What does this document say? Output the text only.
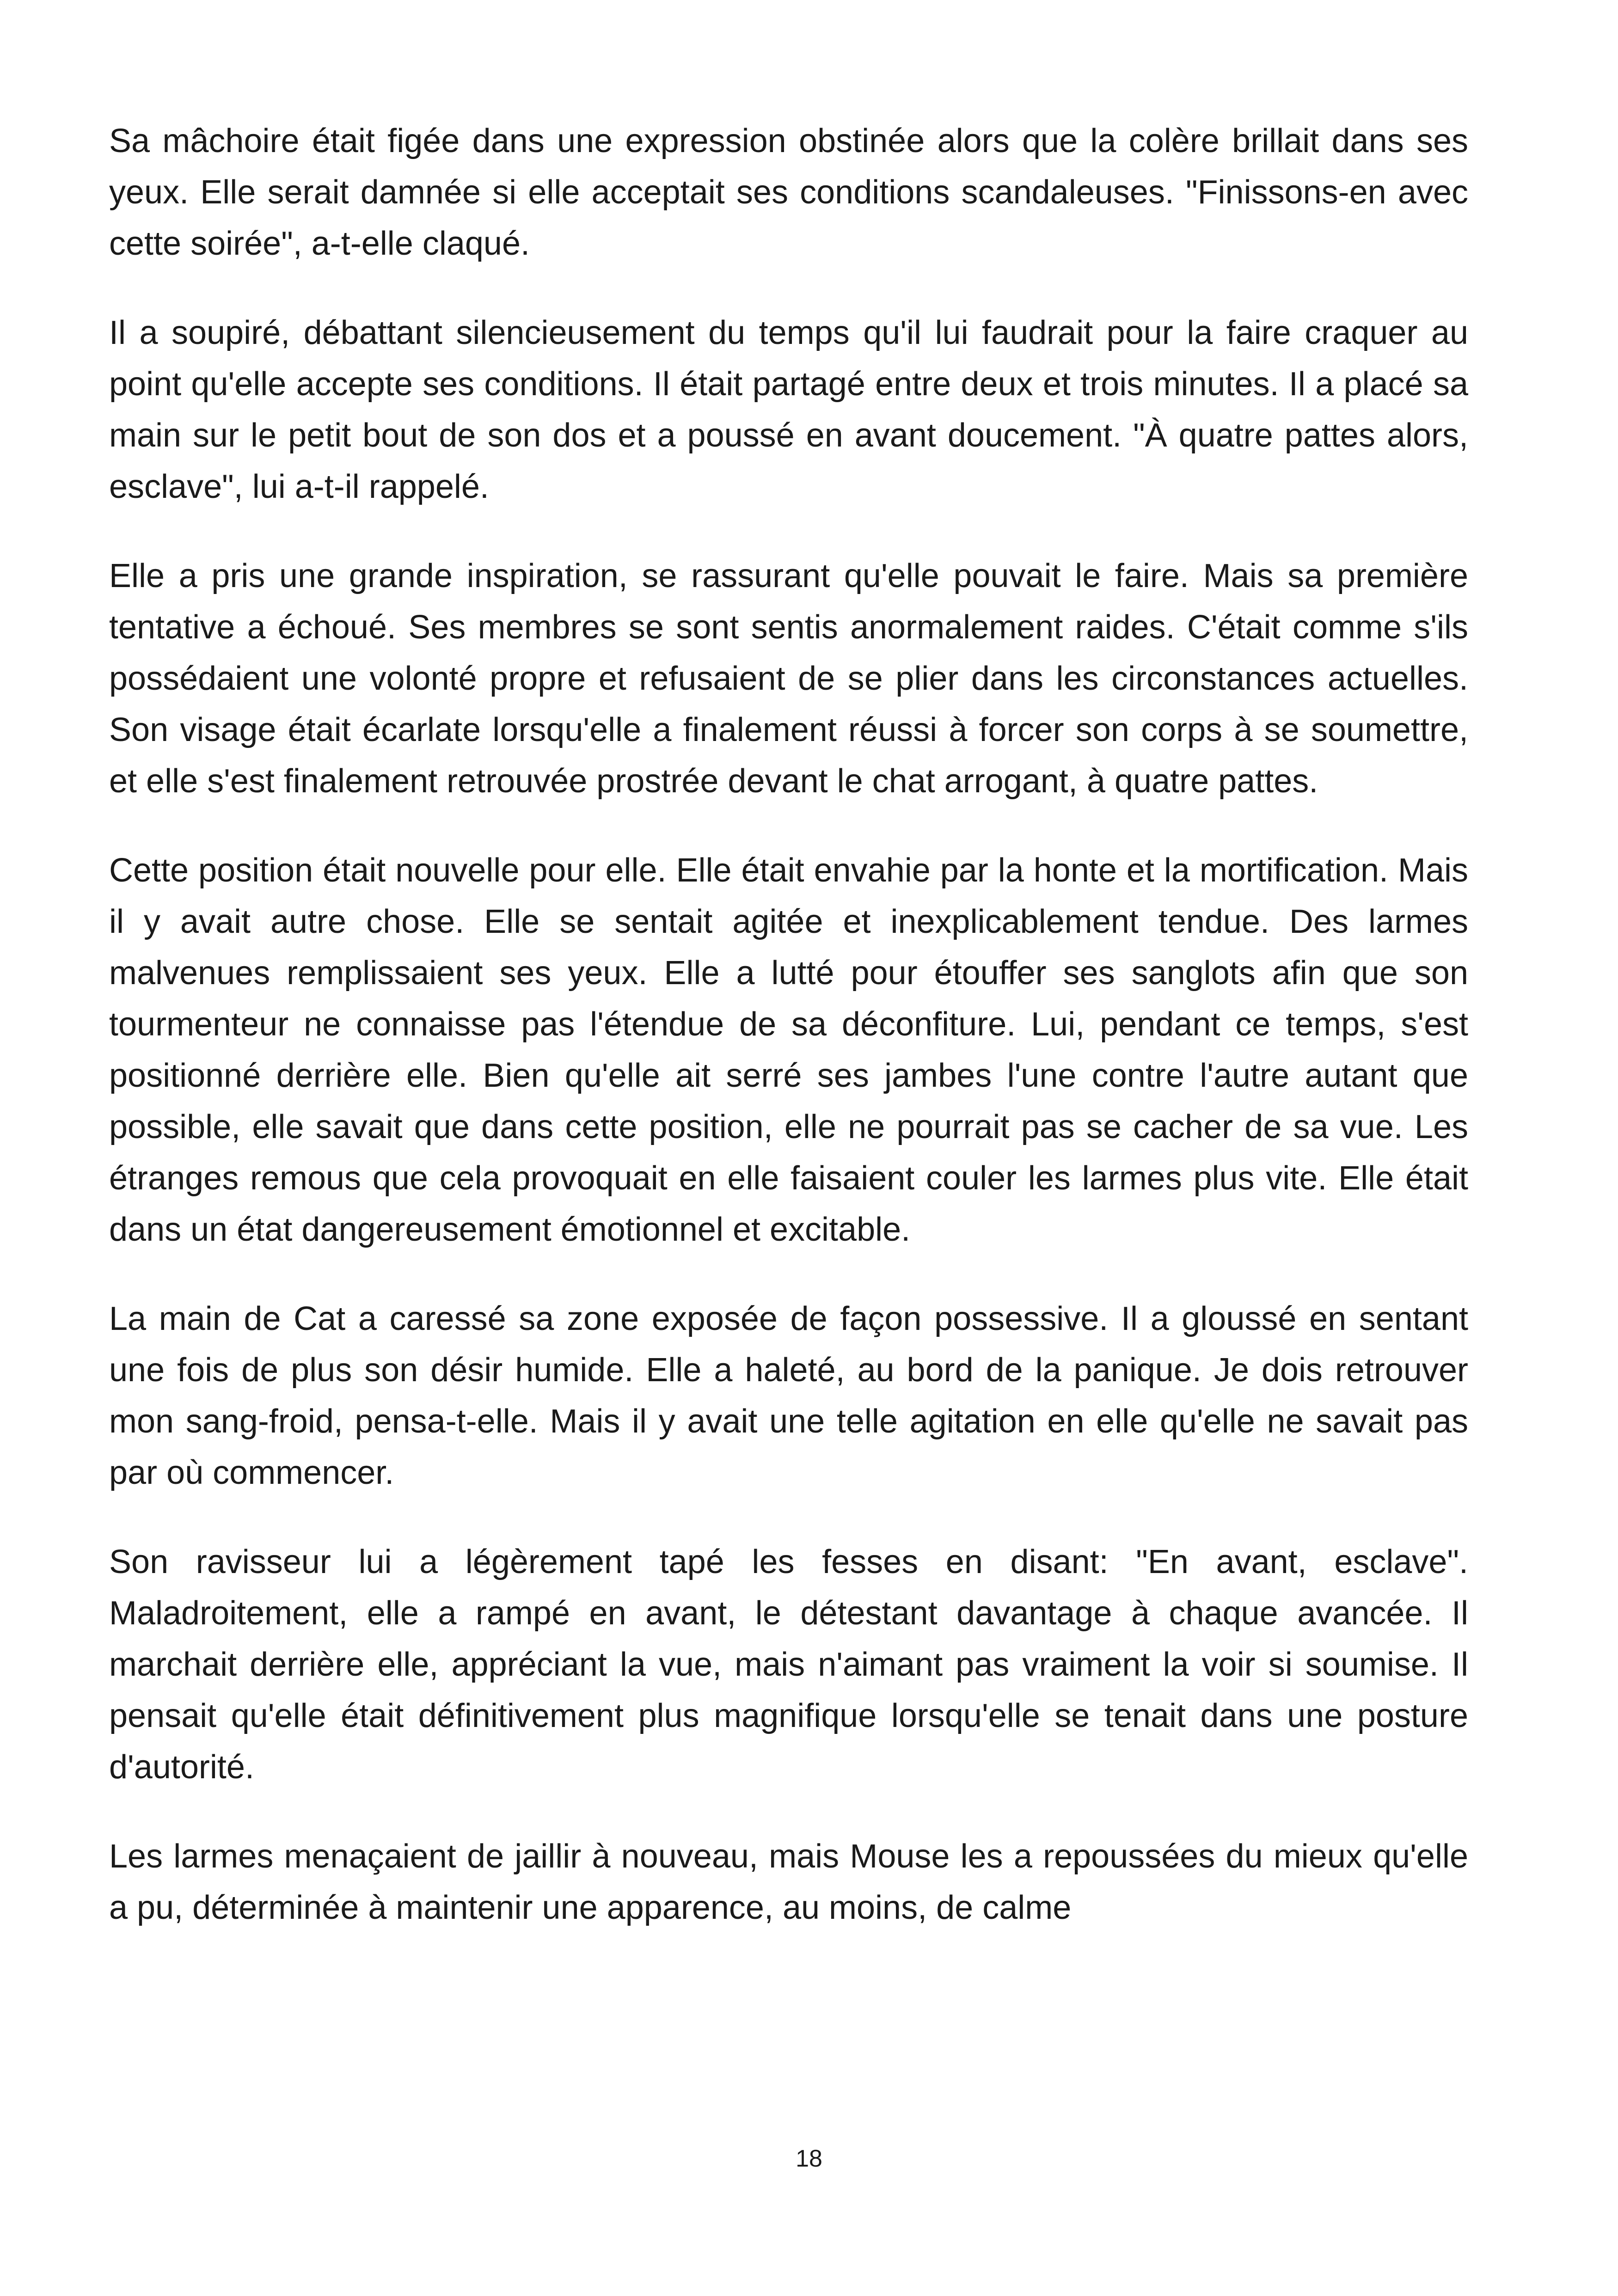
Sa mâchoire était figée dans une expression obstinée alors que la colère brillait dans ses yeux. Elle serait damnée si elle acceptait ses conditions scandaleuses. "Finissons-en avec cette soirée", a-t-elle claqué.

Il a soupiré, débattant silencieusement du temps qu'il lui faudrait pour la faire craquer au point qu'elle accepte ses conditions. Il était partagé entre deux et trois minutes. Il a placé sa main sur le petit bout de son dos et a poussé en avant doucement. "À quatre pattes alors, esclave", lui a-t-il rappelé.

Elle a pris une grande inspiration, se rassurant qu'elle pouvait le faire. Mais sa première tentative a échoué. Ses membres se sont sentis anormalement raides. C'était comme s'ils possédaient une volonté propre et refusaient de se plier dans les circonstances actuelles. Son visage était écarlate lorsqu'elle a finalement réussi à forcer son corps à se soumettre, et elle s'est finalement retrouvée prostrée devant le chat arrogant, à quatre pattes.

Cette position était nouvelle pour elle. Elle était envahie par la honte et la mortification. Mais il y avait autre chose. Elle se sentait agitée et inexplicablement tendue. Des larmes malvenues remplissaient ses yeux. Elle a lutté pour étouffer ses sanglots afin que son tourmenteur ne connaisse pas l'étendue de sa déconfiture. Lui, pendant ce temps, s'est positionné derrière elle. Bien qu'elle ait serré ses jambes l'une contre l'autre autant que possible, elle savait que dans cette position, elle ne pourrait pas se cacher de sa vue. Les étranges remous que cela provoquait en elle faisaient couler les larmes plus vite. Elle était dans un état dangereusement émotionnel et excitable.

La main de Cat a caressé sa zone exposée de façon possessive. Il a gloussé en sentant une fois de plus son désir humide. Elle a haleté, au bord de la panique. Je dois retrouver mon sang-froid, pensa-t-elle. Mais il y avait une telle agitation en elle qu'elle ne savait pas par où commencer.

Son ravisseur lui a légèrement tapé les fesses en disant: "En avant, esclave". Maladroitement, elle a rampé en avant, le détestant davantage à chaque avancée. Il marchait derrière elle, appréciant la vue, mais n'aimant pas vraiment la voir si soumise. Il pensait qu'elle était définitivement plus magnifique lorsqu'elle se tenait dans une posture d'autorité.

Les larmes menaçaient de jaillir à nouveau, mais Mouse les a repoussées du mieux qu'elle a pu, déterminée à maintenir une apparence, au moins, de calme

18
